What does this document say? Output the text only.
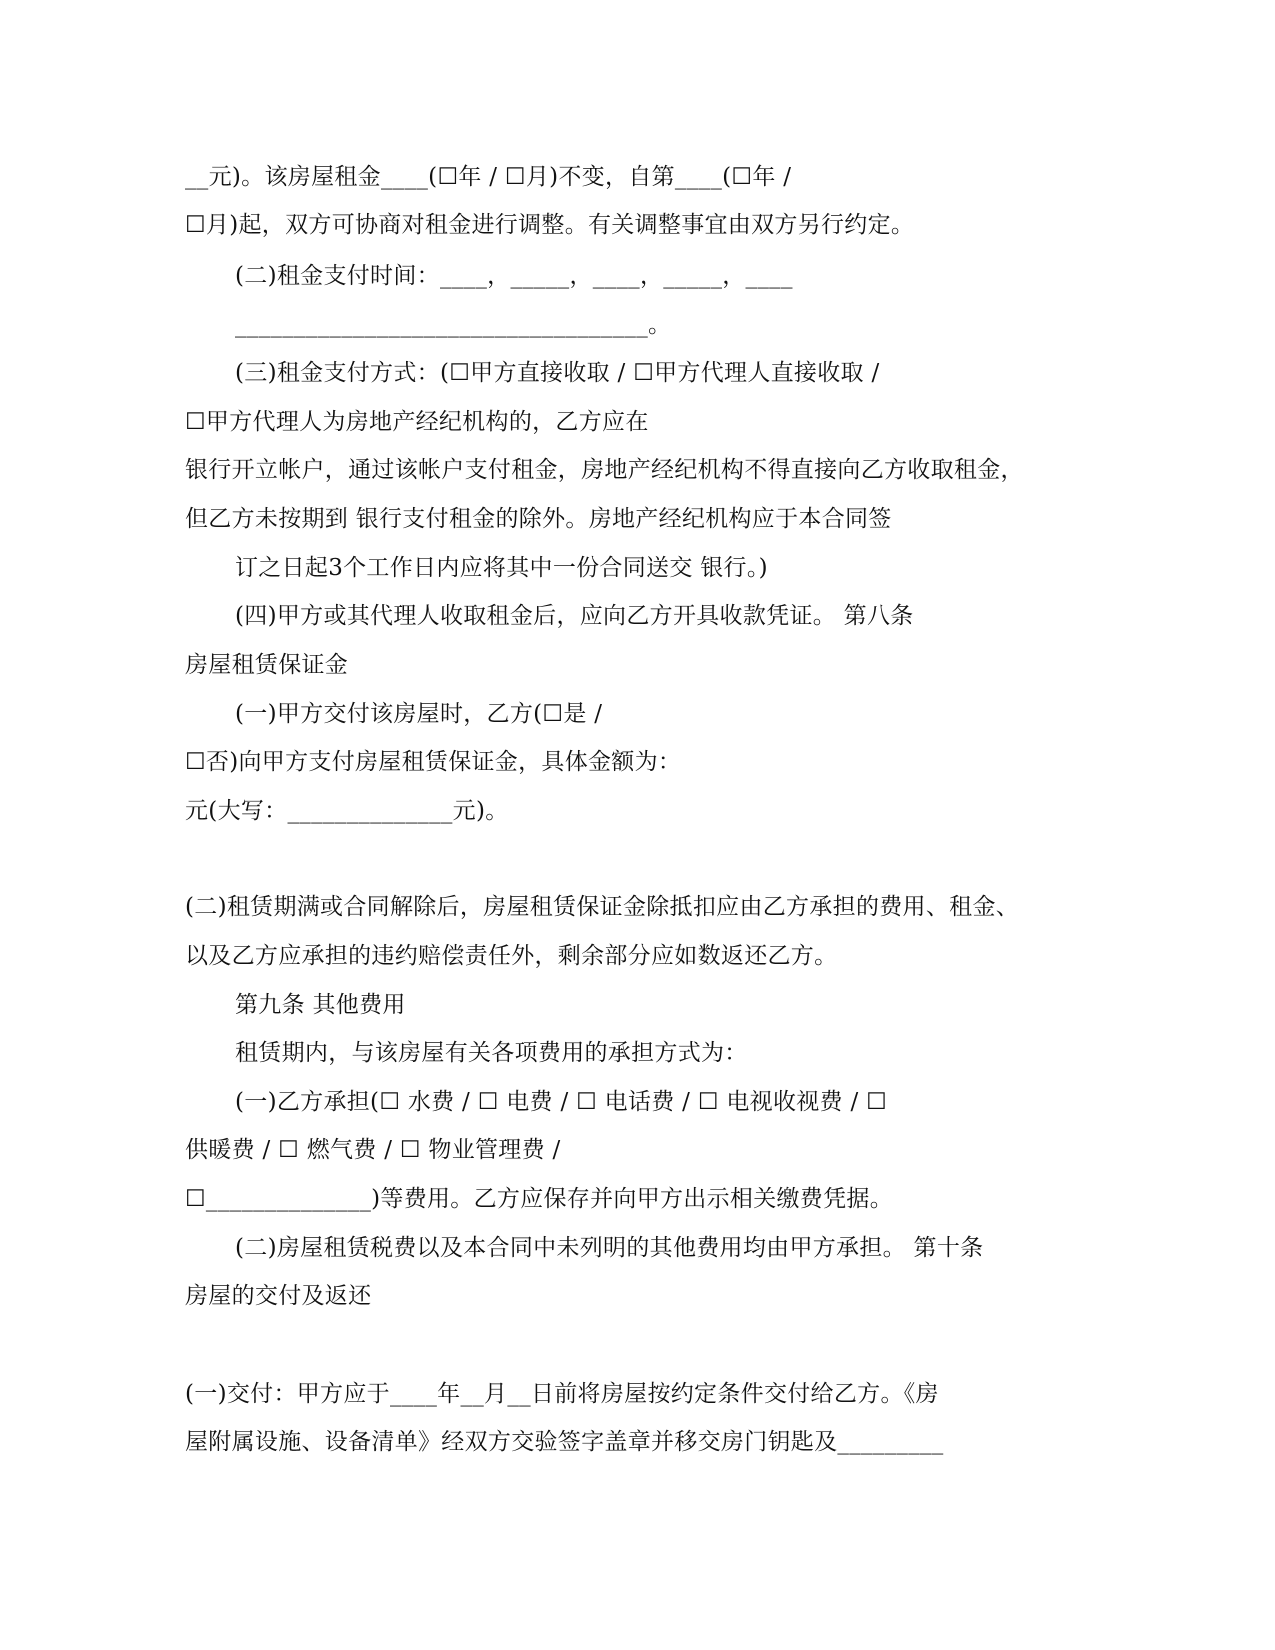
__元)。该房屋租金____(☐年 / ☐月)不变，自第____(☐年 /
☐月)起，双方可协商对租金进行调整。有关调整事宜由双方另行约定。
(二)租金支付时间：____，_____，____，_____，____
___________________________________。
(三)租金支付方式：(☐甲方直接收取 / ☐甲方代理人直接收取 /
☐甲方代理人为房地产经纪机构的，乙方应在
银行开立帐户，通过该帐户支付租金，房地产经纪机构不得直接向乙方收取租金，
但乙方未按期到 银行支付租金的除外。房地产经纪机构应于本合同签
订之日起3个工作日内应将其中一份合同送交 银行。)
(四)甲方或其代理人收取租金后，应向乙方开具收款凭证。 第八条
房屋租赁保证金
(一)甲方交付该房屋时，乙方(☐是 /
☐否)向甲方支付房屋租赁保证金，具体金额为：
元(大写：______________元)。
(二)租赁期满或合同解除后，房屋租赁保证金除抵扣应由乙方承担的费用、租金、
以及乙方应承担的违约赔偿责任外，剩余部分应如数返还乙方。
第九条 其他费用
租赁期内，与该房屋有关各项费用的承担方式为：
(一)乙方承担(☐ 水费 / ☐ 电费 / ☐ 电话费 / ☐ 电视收视费 / ☐
供暖费 / ☐ 燃气费 / ☐ 物业管理费 /
☐______________)等费用。乙方应保存并向甲方出示相关缴费凭据。
(二)房屋租赁税费以及本合同中未列明的其他费用均由甲方承担。 第十条
房屋的交付及返还
(一)交付：甲方应于____年__月__日前将房屋按约定条件交付给乙方。《房
屋附属设施、设备清单》经双方交验签字盖章并移交房门钥匙及_________
